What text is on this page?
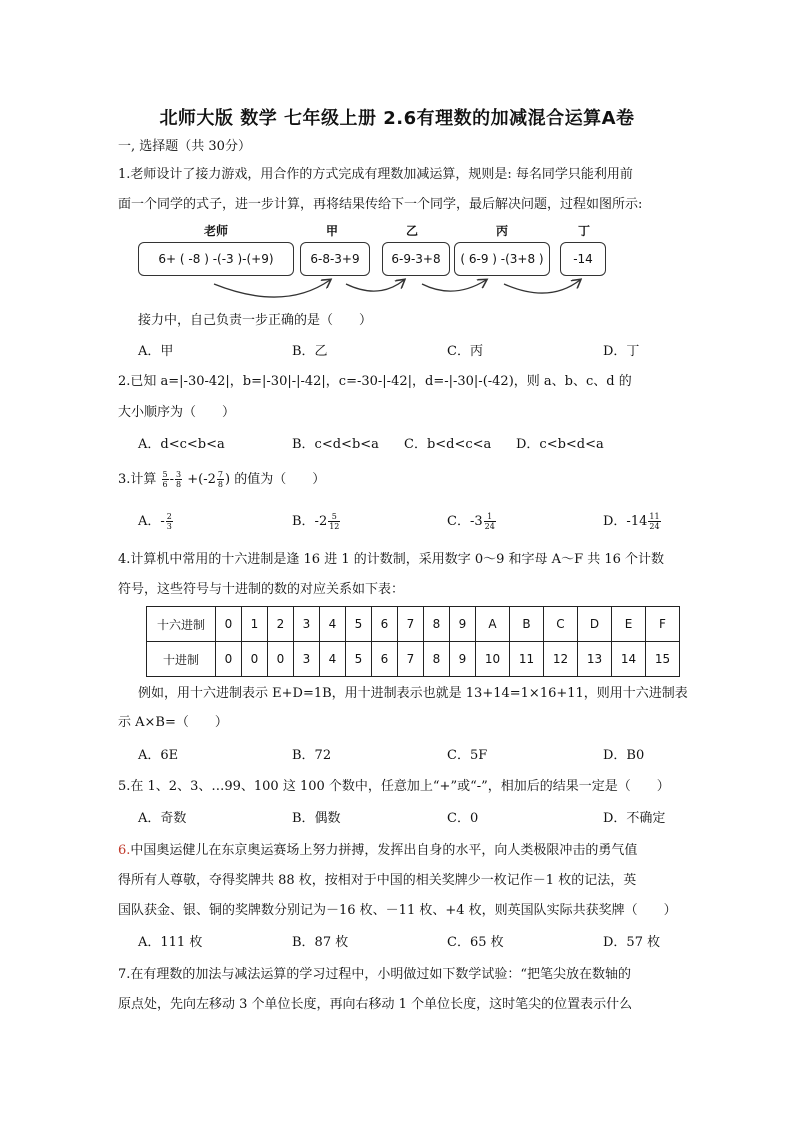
北师大版 数学 七年级上册 2.6有理数的加减混合运算A卷
一, 选择题（共 30分）
1.老师设计了接力游戏，用合作的方式完成有理数加减运算，规则是: 每名同学只能利用前
面一个同学的式子，进一步计算，再将结果传给下一个同学，最后解决问题，过程如图所示:
老师	甲	乙	丙	丁
6+ ( -8 ) -(-3 )-(+9)	6-8-3+9	6-9-3+8	( 6-9 ) -(3+8 )	-14
接力中，自己负责一步正确的是（　　）
A．甲	B．乙	C．丙	D．丁
2.已知 a=|-30-42|，b=|-30|-|-42|，c=-30-|-42|，d=-|-30|-(-42)，则 a、b、c、d 的
大小顺序为（　　）
A．d<c<b<a	B．c<d<b<a C．b<d<c<a D．c<b<d<a
3.计算 $\frac{5}{6} - \frac{3}{8} +(-2 \frac{7}{8}$ ) 的值为（　　）
A．- $\frac{2}{3}$	B．$-2 \frac{5}{12}$	C．$-3 \frac{1}{24}$	D．$-14 \frac{11}{24}$
4.计算机中常用的十六进制是逢 16 进 1 的计数制，采用数字 0～9 和字母 A～F 共 16 个计数
符号，这些符号与十进制的数的对应关系如下表：
十六进制	0	1	2	3	4	5	6	7	8	9	A	B	C	D	E	F
十进制	0	0	0	3	4	5	6	7	8	9	10	11	12	13	14	15
例如，用十六进制表示 E+D=1B，用十进制表示也就是 13+14=1×16+11，则用十六进制表
示 A×B=（　　）
A．6E	B．72	C．5F	D．B0
5.在 1、2、3、…99、100 这 100 个数中，任意加上“+”或“-”，相加后的结果一定是（　　）
A．奇数	B．偶数	C．0	D．不确定
6.中国奥运健儿在东京奥运赛场上努力拼搏，发挥出自身的水平，向人类极限冲击的勇气值
得所有人尊敬，夺得奖牌共 88 枚，按相对于中国的相关奖牌少一枚记作－1 枚的记法，英
国队获金、银、铜的奖牌数分别记为－16 枚、－11 枚、+4 枚，则英国队实际共获奖牌（　　）
A．111 枚	B．87 枚	C．65 枚	D．57 枚
7.在有理数的加法与减法运算的学习过程中，小明做过如下数学试验：“把笔尖放在数轴的
原点处，先向左移动 3 个单位长度，再向右移动 1 个单位长度，这时笔尖的位置表示什么
